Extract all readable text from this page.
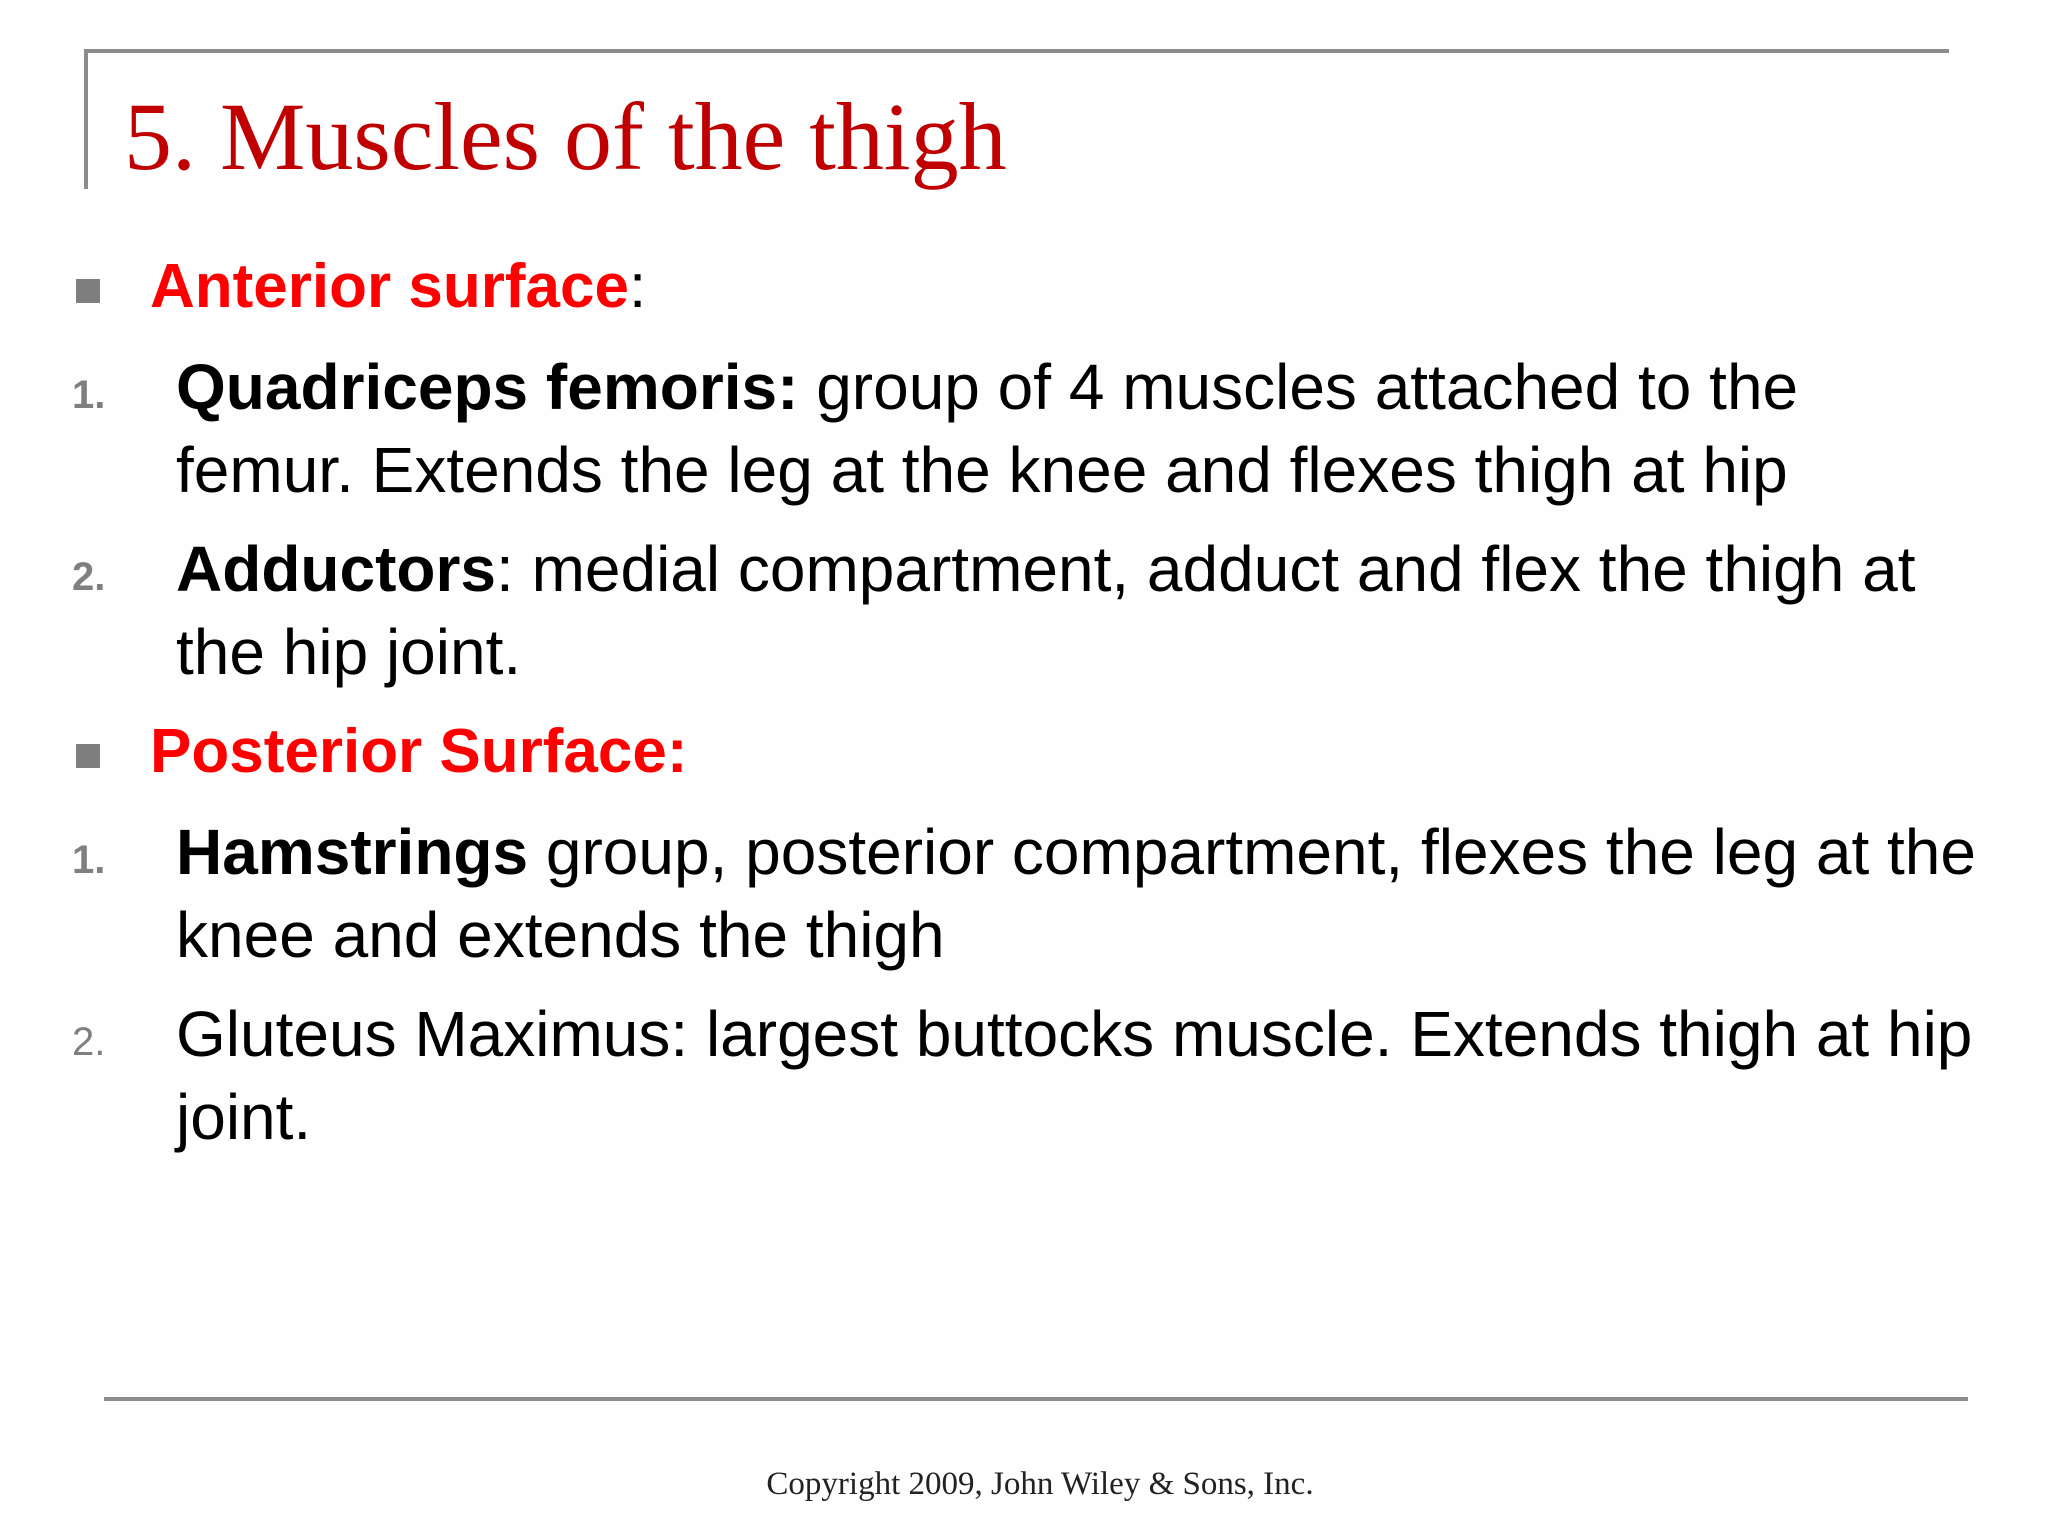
5. Muscles of the thigh

Anterior surface:

1. Quadriceps femoris: group of 4 muscles attached to the femur. Extends the leg at the knee and flexes thigh at hip

2. Adductors: medial compartment, adduct and flex the thigh at the hip joint.

Posterior Surface:

1. Hamstrings group, posterior compartment, flexes the leg at the knee and extends the thigh

2. Gluteus Maximus: largest buttocks muscle. Extends thigh at hip joint.

Copyright 2009, John Wiley & Sons, Inc.
